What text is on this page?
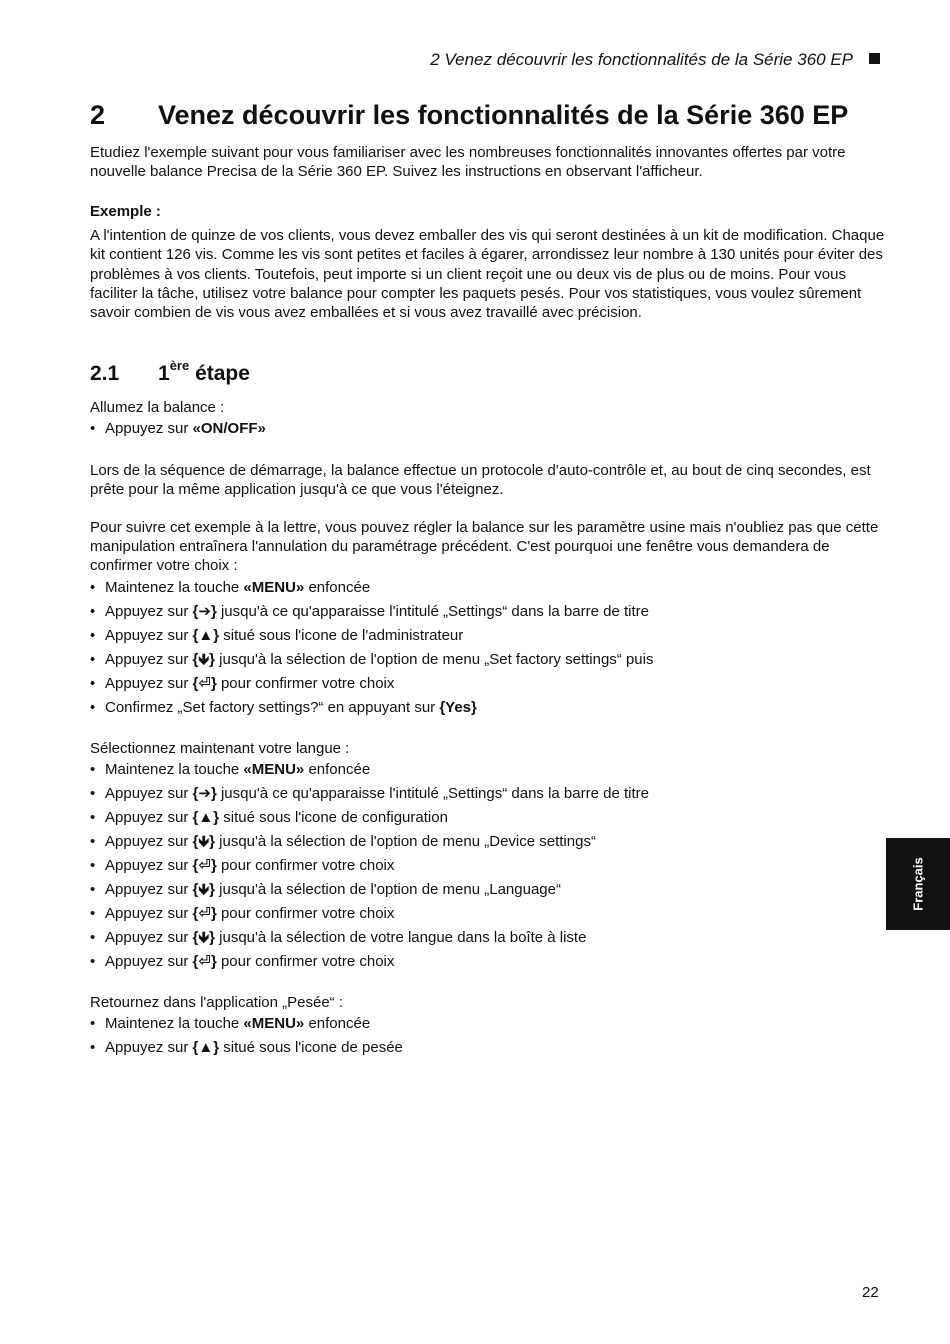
2 Venez découvrir les fonctionnalités de la Série 360 EP
2 Venez découvrir les fonctionnalités de la Série 360 EP

Etudiez l'exemple suivant pour vous familiariser avec les nombreuses fonctionnalités innovantes offertes par votre nouvelle balance Precisa de la Série 360 EP. Suivez les instructions en observant l'afficheur.

Exemple :

A l'intention de quinze de vos clients, vous devez emballer des vis qui seront destinées à un kit de modification. Chaque kit contient 126 vis. Comme les vis sont petites et faciles à égarer, arrondissez leur nombre à 130 unités pour éviter des problèmes à vos clients. Toutefois, peut importe si un client reçoit une ou deux vis de plus ou de moins. Pour vous faciliter la tâche, utilisez votre balance pour compter les paquets pesés. Pour vos statistiques, vous voulez sûrement savoir combien de vis vous avez emballées et si vous avez travaillé avec précision.

2.1 1ère étape

Allumez la balance :

• Appuyez sur «ON/OFF»

Lors de la séquence de démarrage, la balance effectue un protocole d'auto-contrôle et, au bout de cinq secondes, est prête pour la même application jusqu'à ce que vous l'éteignez.

Pour suivre cet exemple à la lettre, vous pouvez régler la balance sur les paramètre usine mais n'oubliez pas que cette manipulation entraînera l'annulation du paramétrage précédent. C'est pourquoi une fenêtre vous demandera de confirmer votre choix :

• Maintenez la touche «MENU» enfoncée
• Appuyez sur {➔} jusqu'à ce qu'apparaisse l'intitulé „Settings“ dans la barre de titre
• Appuyez sur {▲} situé sous l'icone de l'administrateur
• Appuyez sur {🡻} jusqu'à la sélection de l'option de menu „Set factory settings“ puis
• Appuyez sur {⏎} pour confirmer votre choix
• Confirmez „Set factory settings?“ en appuyant sur {Yes}

Sélectionnez maintenant votre langue :

• Maintenez la touche «MENU» enfoncée
• Appuyez sur {➔} jusqu'à ce qu'apparaisse l'intitulé „Settings“ dans la barre de titre
• Appuyez sur {▲} situé sous l'icone de configuration
• Appuyez sur {🡻} jusqu'à la sélection de l'option de menu „Device settings“
• Appuyez sur {⏎} pour confirmer votre choix
• Appuyez sur {🡻} jusqu'à la sélection de l'option de menu „Language“
• Appuyez sur {⏎} pour confirmer votre choix
• Appuyez sur {🡻} jusqu'à la sélection de votre langue dans la boîte à liste
• Appuyez sur {⏎} pour confirmer votre choix

Retournez dans l'application „Pesée“ :

• Maintenez la touche «MENU» enfoncée
• Appuyez sur {▲} situé sous l'icone de pesée
Français
22
